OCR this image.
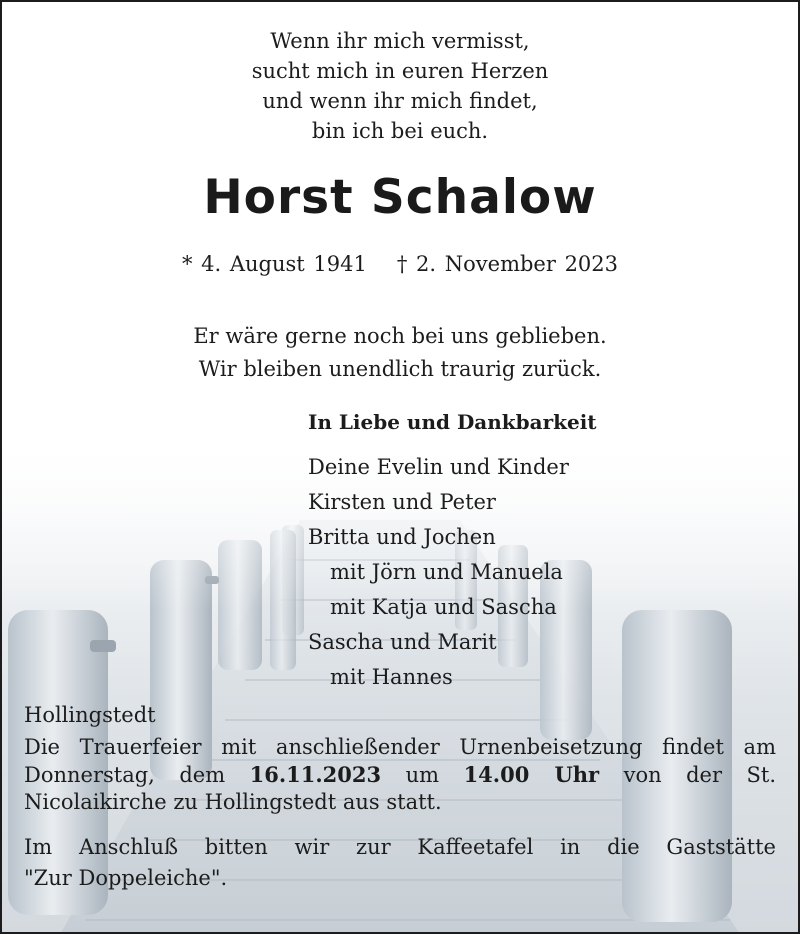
Wenn ihr mich vermisst,
sucht mich in euren Herzen
und wenn ihr mich findet,
bin ich bei euch.
Horst Schalow
* 4. August 1941 † 2. November 2023
Er wäre gerne noch bei uns geblieben.
Wir bleiben unendlich traurig zurück.
In Liebe und Dankbarkeit
Deine Evelin und Kinder
Kirsten und Peter
Britta und Jochen
mit Jörn und Manuela
mit Katja und Sascha
Sascha und Marit
mit Hannes
Hollingstedt
Die Trauerfeier mit anschließender Urnenbeisetzung findet am Donnerstag, dem 16.11.2023 um 14.00 Uhr von der St. Nicolaikirche zu Hollingstedt aus statt.
Im Anschluß bitten wir zur Kaffeetafel in die Gaststätte
"Zur Doppeleiche".
